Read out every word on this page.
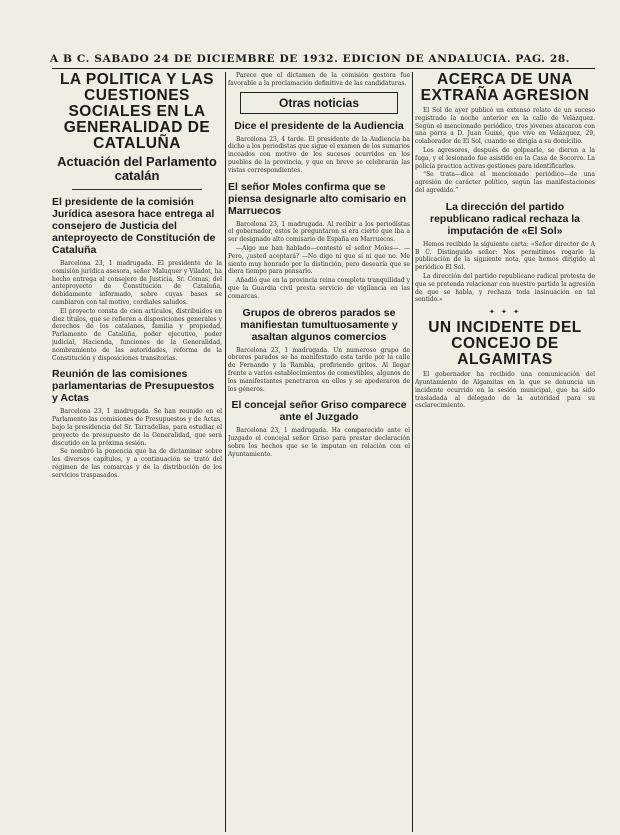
A B C. SABADO 24 DE DICIEMBRE DE 1932. EDICION DE ANDALUCIA. PAG. 28.
LA POLITICA Y LAS CUESTIONES SOCIALES EN LA GENERALIDAD DE CATALUÑA
Actuación del Parlamento catalán
El presidente de la comisión Jurídica asesora hace entrega al consejero de Justicia del anteproyecto de Constitución de Cataluña

Barcelona 23, 1 madrugada. El presidente de la comisión jurídica asesora, señor Maluquer y Viladot, ha hecho entrega al consejero de Justicia, Sr. Comas, del anteproyecto de Constitución de Cataluña, debidamente informado, sobre cuyas bases se cambiaron con tal motivo, cordiales saludos.

El proyecto consta de cien artículos, distribuidos en diez títulos, que se refieren a disposiciones generales y derechos de los catalanes, familia y propiedad, Parlamento de Cataluña, poder ejecutivo, poder judicial, Hacienda, funciones de la Generalidad, nombramiento de las autoridades, reforma de la Constitución y disposiciones transitorias.

Reunión de las comisiones parlamentarias de Presupuestos y Actas

Barcelona 23, 1 madrugada. Se han reunido en el Parlamento las comisiones de Presupuestos y de Actas, bajo la presidencia del Sr. Tarradellas, para estudiar el proyecto de presupuesto de la Generalidad, que será discutido en la próxima sesión.

Se nombró la ponencia que ha de dictaminar sobre los diversos capítulos, y a continuación se trató del régimen de las comarcas y de la distribución de los servicios traspasados.

Parece que el dictamen de la comisión gestora fue favorable a la proclamación definitiva de las candidaturas.

Otras noticias
Dice el presidente de la Audiencia

Barcelona 23, 4 tarde. El presidente de la Audiencia ha dicho a los periodistas que sigue el examen de los sumarios incoados con motivo de los sucesos ocurridos en los pueblos de la provincia, y que en breve se celebrarán las vistas correspondientes.

El señor Moles confirma que se piensa designarle alto comisario en Marruecos

Barcelona 23, 1 madrugada. Al recibir a los periodistas el gobernador, éstos le preguntaron si era cierto que iba a ser designado alto comisario de España en Marruecos.

—Algo me han hablado—contestó el señor Moles—. —Pero, ¿usted aceptará? —No digo ni que sí ni que no. Me siento muy honrado por la distinción, pero desearía que se diera tiempo para pensarlo.

Añadió que en la provincia reina completa tranquilidad y que la Guardia civil presta servicio de vigilancia en las comarcas.

Grupos de obreros parados se manifiestan tumultuosamente y asaltan algunos comercios

Barcelona 23, 1 madrugada. Un numeroso grupo de obreros parados se ha manifestado esta tarde por la calle de Fernando y la Rambla, profiriendo gritos. Al llegar frente a varios establecimientos de comestibles, algunos de los manifestantes penetraron en ellos y se apoderaron de los géneros.

El concejal señor Griso comparece ante el Juzgado

Barcelona 23, 1 madrugada. Ha comparecido ante el Juzgado el concejal señor Griso para prestar declaración sobre los hechos que se le imputan en relación con el Ayuntamiento.

ACERCA DE UNA EXTRAÑA AGRESION

El Sol de ayer publicó un extenso relato de un suceso registrado la noche anterior en la calle de Velázquez. Según el mencionado periódico, tres jóvenes atacaron con una porra a D. Juan Guixé, que vive en Velázquez, 29, colaborador de El Sol, cuando se dirigía a su domicilio.

Los agresores, después de golpearle, se dieron a la fuga, y el lesionado fue asistido en la Casa de Socorro. La policía practica activas gestiones para identificarlos.

“Se trata—dice el mencionado periódico—de una agresión de carácter político, según las manifestaciones del agredido.”

La dirección del partido republicano radical rechaza la imputación de «El Sol»

Hemos recibido la siguiente carta: «Señor director de A B C. Distinguido señor: Nos permitimos rogarle la publicación de la siguiente nota, que hemos dirigido al periódico El Sol.

La dirección del partido republicano radical protesta de que se pretenda relacionar con nuestro partido la agresión de que se habla, y rechaza toda insinuación en tal sentido.»

✦ ✦ ✦
UN INCIDENTE DEL CONCEJO DE ALGAMITAS

El gobernador ha recibido una comunicación del Ayuntamiento de Algamitas en la que se denuncia un incidente ocurrido en la sesión municipal, que ha sido trasladada al delegado de la autoridad para su esclarecimiento.
